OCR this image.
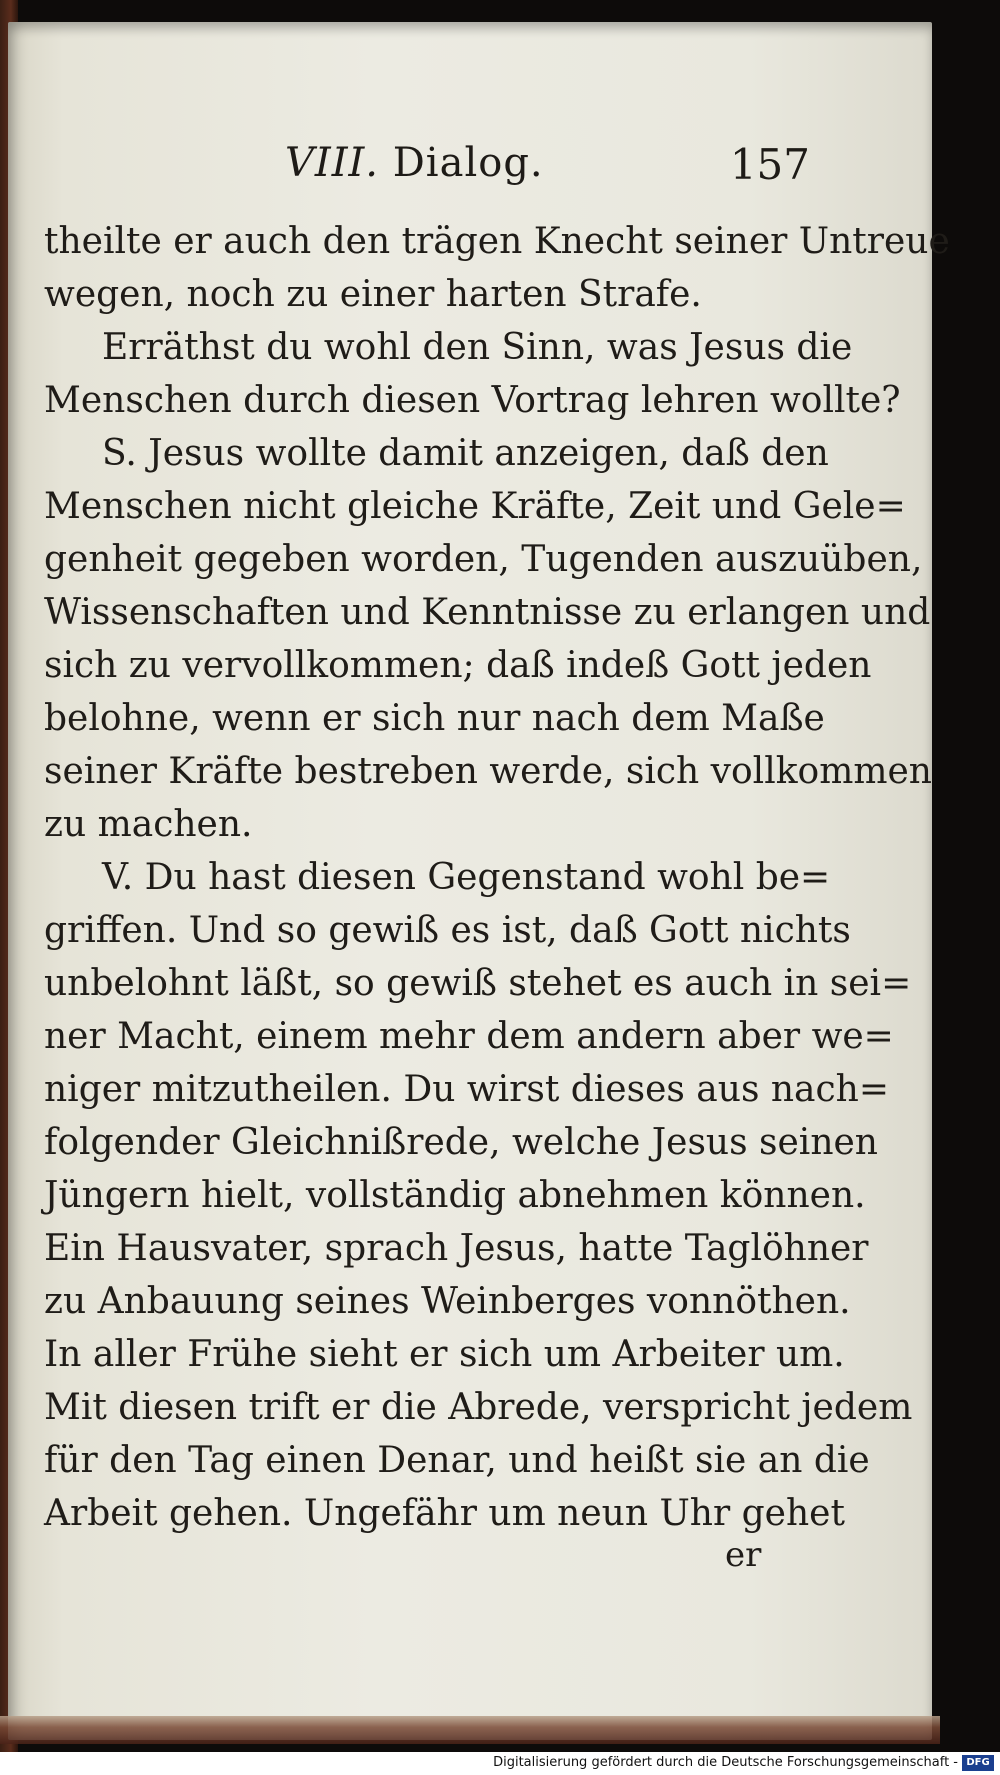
VIII. Dialog.	157
theilte er auch den trägen Knecht seiner Untreue
wegen, noch zu einer harten Strafe.
Erräthst du wohl den Sinn, was Jesus die
Menschen durch diesen Vortrag lehren wollte?
S. Jesus wollte damit anzeigen, daß den
Menschen nicht gleiche Kräfte, Zeit und Gele=
genheit gegeben worden, Tugenden auszuüben,
Wissenschaften und Kenntnisse zu erlangen und
sich zu vervollkommen; daß indeß Gott jeden
belohne, wenn er sich nur nach dem Maße
seiner Kräfte bestreben werde, sich vollkommen
zu machen.
V. Du hast diesen Gegenstand wohl be=
griffen. Und so gewiß es ist, daß Gott nichts
unbelohnt läßt, so gewiß stehet es auch in sei=
ner Macht, einem mehr dem andern aber we=
niger mitzutheilen. Du wirst dieses aus nach=
folgender Gleichnißrede, welche Jesus seinen
Jüngern hielt, vollständig abnehmen können.
Ein Hausvater, sprach Jesus, hatte Taglöhner
zu Anbauung seines Weinberges vonnöthen.
In aller Frühe sieht er sich um Arbeiter um.
Mit diesen trift er die Abrede, verspricht jedem
für den Tag einen Denar, und heißt sie an die
Arbeit gehen. Ungefähr um neun Uhr gehet
er
Digitalisierung gefördert durch die Deutsche Forschungsgemeinschaft - DFG
